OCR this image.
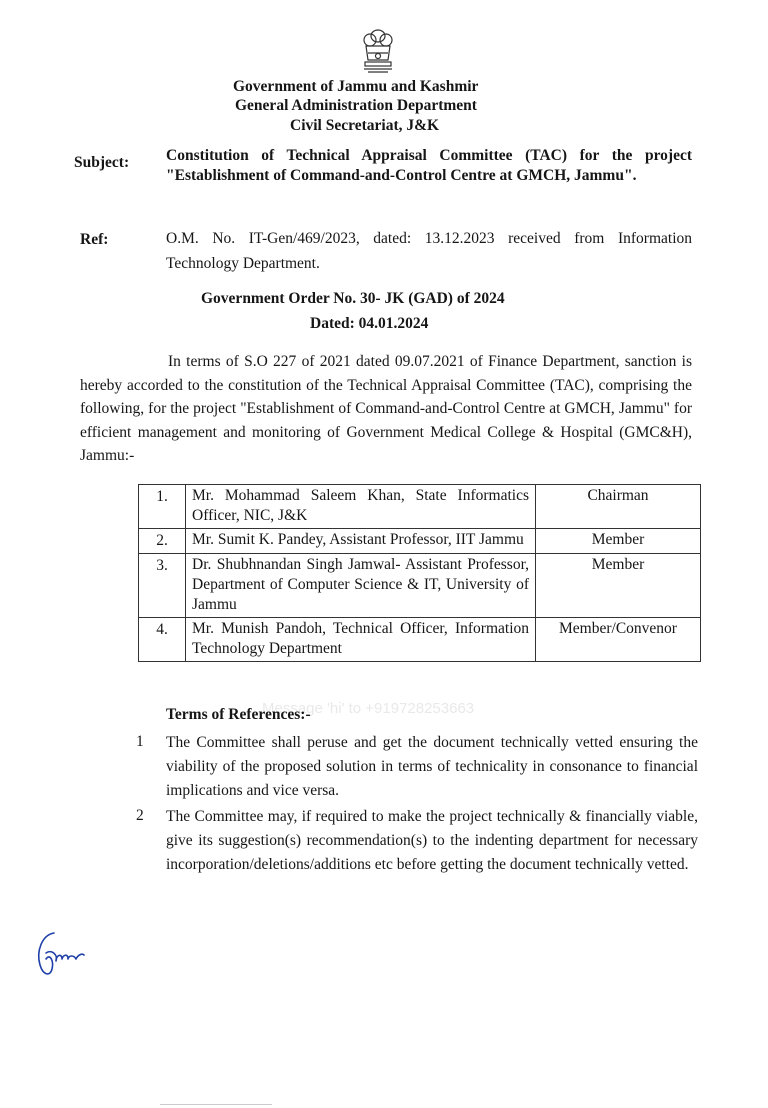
Government of Jammu and Kashmir
General Administration Department
Civil Secretariat, J&K
Subject: Constitution of Technical Appraisal Committee (TAC) for the project "Establishment of Command-and-Control Centre at GMCH, Jammu".
Ref:	O.M. No. IT-Gen/469/2023, dated: 13.12.2023 received from Information Technology Department.
Government Order No. 30- JK (GAD) of 2024
Dated: 04.01.2024
In terms of S.O 227 of 2021 dated 09.07.2021 of Finance Department, sanction is hereby accorded to the constitution of the Technical Appraisal Committee (TAC), comprising the following, for the project "Establishment of Command-and-Control Centre at GMCH, Jammu" for efficient management and monitoring of Government Medical College & Hospital (GMC&H), Jammu:-
1.	Mr. Mohammad Saleem Khan, State Informatics Officer, NIC, J&K	Chairman
2.	Mr. Sumit K. Pandey, Assistant Professor, IIT Jammu	Member
3.	Dr. Shubhnandan Singh Jamwal- Assistant Professor, Department of Computer Science & IT, University of Jammu	Member
4.	Mr. Munish Pandoh, Technical Officer, Information Technology Department	Member/Convenor
Message 'hi' to +919728253663
Terms of References:-
1 The Committee shall peruse and get the document technically vetted ensuring the viability of the proposed solution in terms of technicality in consonance to financial implications and vice versa.
2 The Committee may, if required to make the project technically & financially viable, give its suggestion(s) recommendation(s) to the indenting department for necessary incorporation/deletions/additions etc before getting the document technically vetted.
